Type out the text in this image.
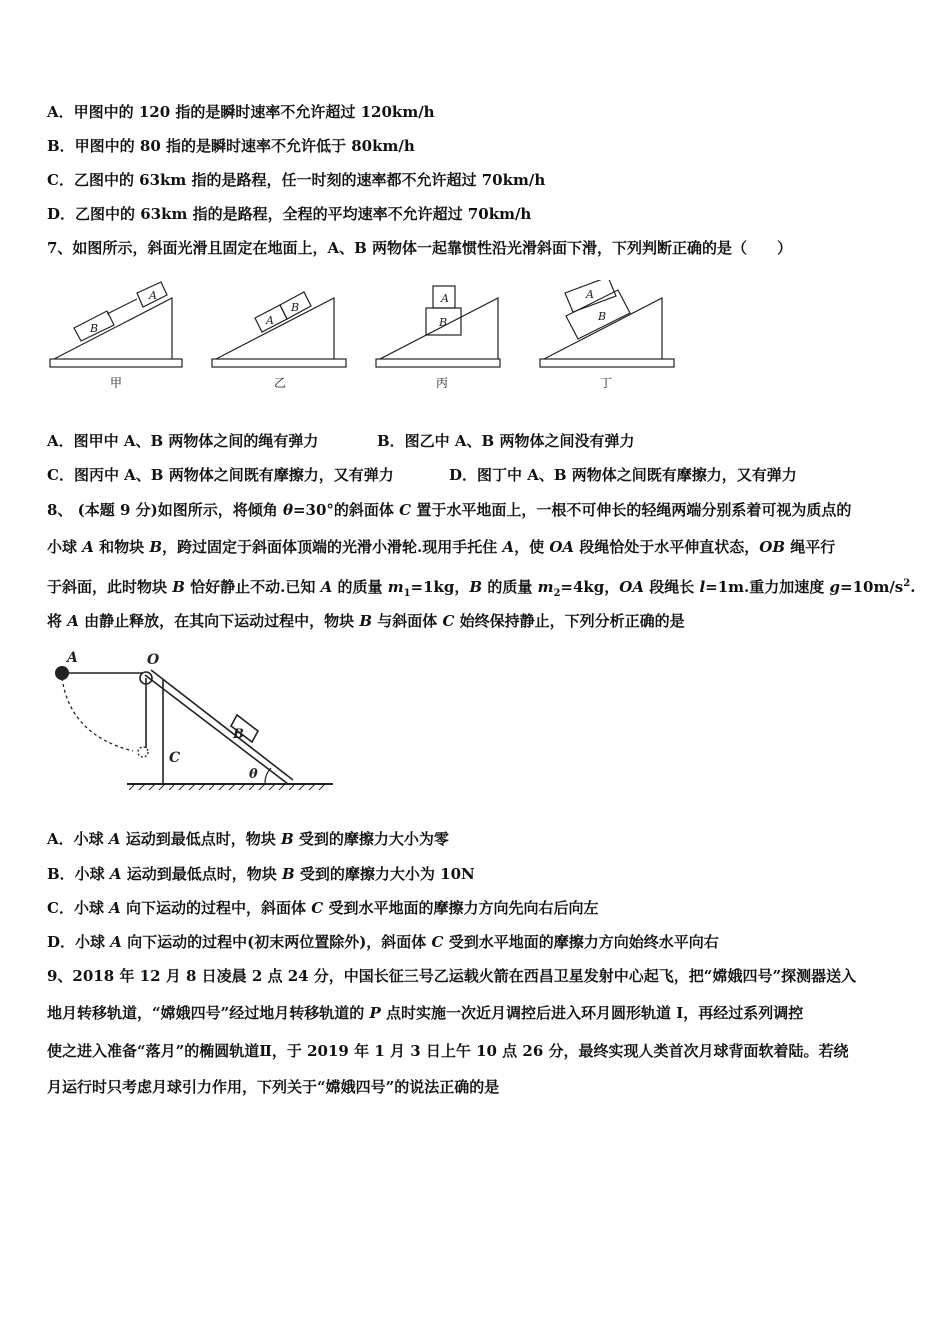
A．甲图中的 120 指的是瞬时速率不允许超过 120km/h
B．甲图中的 80 指的是瞬时速率不允许低于 80km/h
C．乙图中的 63km 指的是路程，任一时刻的速率都不允许超过 70km/h
D．乙图中的 63km 指的是路程，全程的平均速率不允许超过 70km/h
7、如图所示，斜面光滑且固定在地面上，A、B 两物体一起靠惯性沿光滑斜面下滑，下列判断正确的是（　　）
B
A
A
B
B
A
B
A
甲	乙	丙	丁
A．图甲中 A、B 两物体之间的绳有弹力	B．图乙中 A、B 两物体之间没有弹力
C．图丙中 A、B 两物体之间既有摩擦力，又有弹力	D．图丁中 A、B 两物体之间既有摩擦力，又有弹力
8、 (本题 9 分)如图所示，将倾角 θ=30°的斜面体 C 置于水平地面上，一根不可伸长的轻绳两端分别系着可视为质点的
小球 A 和物块 B，跨过固定于斜面体顶端的光滑小滑轮.现用手托住 A，使 OA 段绳恰处于水平伸直状态，OB 绳平行
于斜面，此时物块 B 恰好静止不动.已知 A 的质量 $m_1=1kg$，B 的质量 $m_2=4kg$，OA 段绳长 l=1m.重力加速度 $g=10m/s^2$.
将 A 由静止释放，在其向下运动过程中，物块 B 与斜面体 C 始终保持静止，下列分析正确的是
A	O
B
C
θ
A．小球 A 运动到最低点时，物块 B 受到的摩擦力大小为零
B．小球 A 运动到最低点时，物块 B 受到的摩擦力大小为 10N
C．小球 A 向下运动的过程中，斜面体 C 受到水平地面的摩擦力方向先向右后向左
D．小球 A 向下运动的过程中(初末两位置除外)，斜面体 C 受到水平地面的摩擦力方向始终水平向右
9、2018 年 12 月 8 日凌晨 2 点 24 分，中国长征三号乙运载火箭在西昌卫星发射中心起飞，把“嫦娥四号”探测器送入
地月转移轨道，“嫦娥四号”经过地月转移轨道的 P 点时实施一次近月调控后进入环月圆形轨道 I，再经过系列调控
使之进入准备“落月”的椭圆轨道Ⅱ，于 2019 年 1 月 3 日上午 10 点 26 分，最终实现人类首次月球背面软着陆。若绕
月运行时只考虑月球引力作用，下列关于“嫦娥四号”的说法正确的是
